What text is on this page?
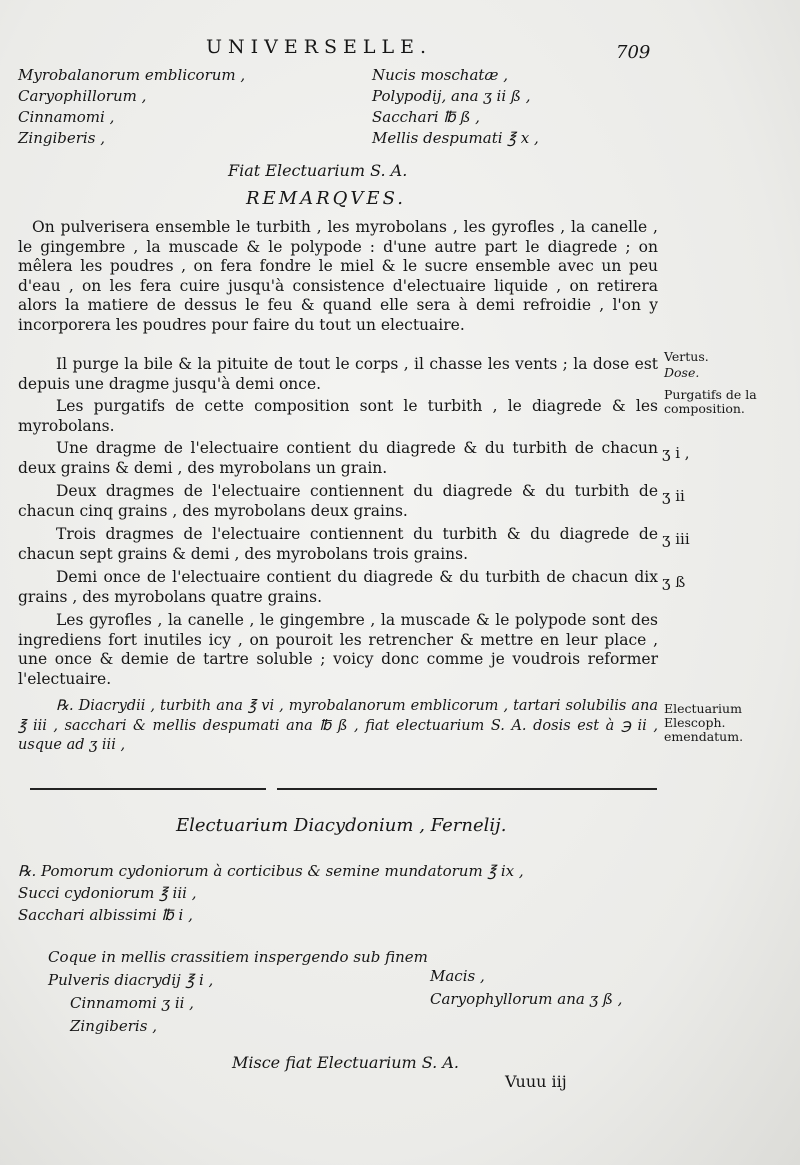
UNIVERSELLE.	709
Myrobalanorum emblicorum ,
Caryophillorum ,
Cinnamomi ,
Zingiberis ,
Nucis moschatæ ,
Polypodij, ana ʒ ii ß ,
Sacchari ℔ ß ,
Mellis despumati ℥ x ,
Fiat Electuarium S. A.
REMARQVES.
On pulverisera ensemble le turbith , les myrobolans , les gyrofles , la canelle , le gingembre , la muscade & le polypode : d'une autre part le diagrede ; on mêlera les poudres , on fera fondre le miel & le sucre ensemble avec un peu d'eau , on les fera cuire jusqu'à consistence d'electuaire liquide , on retirera alors la matiere de dessus le feu & quand elle sera à demi refroidie , l'on y incorporera les poudres pour faire du tout un electuaire.
Il purge la bile & la pituite de tout le corps , il chasse les vents ; la dose est depuis une dragme jusqu'à demi once.
Les purgatifs de cette composition sont le turbith , le diagrede & les myrobolans.
Une dragme de l'electuaire contient du diagrede & du turbith de chacun deux grains & demi , des myrobolans un grain.
Deux dragmes de l'electuaire contiennent du diagrede & du turbith de chacun cinq grains , des myrobolans deux grains.
Trois dragmes de l'electuaire contiennent du turbith & du diagrede de chacun sept grains & demi , des myrobolans trois grains.
Demi once de l'electuaire contient du diagrede & du turbith de chacun dix grains , des myrobolans quatre grains.
Les gyrofles , la canelle , le gingembre , la muscade & le polypode sont des ingrediens fort inutiles icy , on pouroit les retrencher & mettre en leur place , une once & demie de tartre soluble ; voicy donc comme je voudrois reformer l'electuaire.
℞. Diacrydii , turbith ana ℥ vi , myrobalanorum emblicorum , tartari solubilis ana ℥ iii , sacchari & mellis despumati ana ℔ ß , fiat electuarium S. A. dosis est à ℈ ii , usque ad ʒ iii ,
Vertus.
Dose.
Purgatifs de la composition.
Electuarium Elescoph. emendatum.
ʒ i ,
ʒ ii
ʒ iii
ʒ ß
Electuarium Diacydonium , Fernelij.
℞. Pomorum cydoniorum à corticibus & semine mundatorum ℥ ix ,
Succi cydoniorum ℥ iii ,
Sacchari albissimi ℔ i ,
Coque in mellis crassitiem inspergendo sub finem
Pulveris diacrydij ℥ i ,
Cinnamomi ʒ ii ,
Zingiberis ,
Macis ,
Caryophyllorum ana ʒ ß ,
Misce fiat Electuarium S. A.
Vuuu iij
